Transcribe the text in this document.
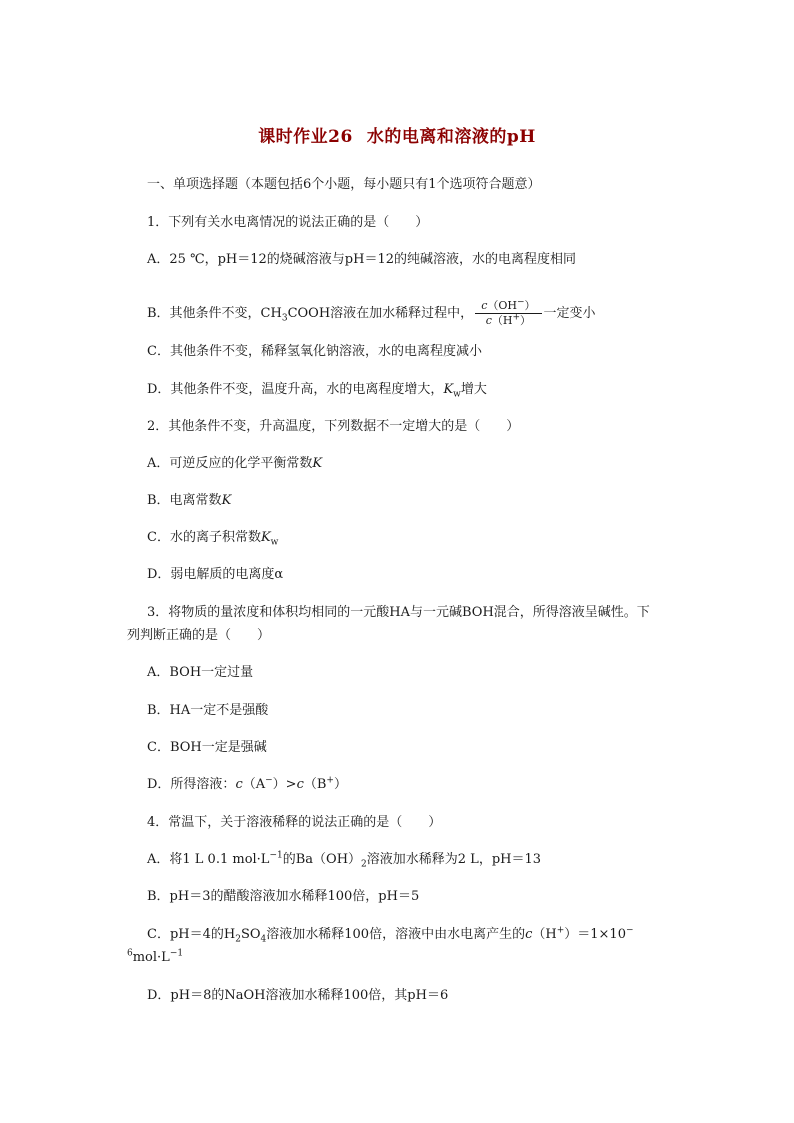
课时作业26 水的电离和溶液的pH
一、单项选择题（本题包括6个小题，每小题只有1个选项符合题意）
1．下列有关水电离情况的说法正确的是（　　）
A．25 ℃，pH＝12的烧碱溶液与pH＝12的纯碱溶液，水的电离程度相同
B．其他条件不变，$CH_3COOH$溶液在加水稀释过程中， $\frac{c(OH^-)}{c(H^+)}$ 一定变小
C．其他条件不变，稀释氢氧化钠溶液，水的电离程度减小
D．其他条件不变，温度升高，水的电离程度增大，$K_w$增大
2．其他条件不变，升高温度，下列数据不一定增大的是（　　）
A．可逆反应的化学平衡常数K
B．电离常数K
C．水的离子积常数$K_w$
D．弱电解质的电离度α
3．将物质的量浓度和体积均相同的一元酸HA与一元碱BOH混合，所得溶液呈碱性。下
列判断正确的是（　　）
A．BOH一定过量
B．HA一定不是强酸
C．BOH一定是强碱
D．所得溶液：c（A−）>c（B+）
4．常温下，关于溶液稀释的说法正确的是（　　）
A．将1 L 0.1 $mol\cdot L^{-1}$的$Ba(OH)_2$溶液加水稀释为2 L，pH＝13
B．pH＝3的醋酸溶液加水稀释100倍，pH＝5
C．pH＝4的$H_2SO_4$溶液加水稀释100倍，溶液中由水电离产生的c（H+）＝1×10−
$^6mol\cdot L^{-1}$
D．pH＝8的NaOH溶液加水稀释100倍，其pH＝6
